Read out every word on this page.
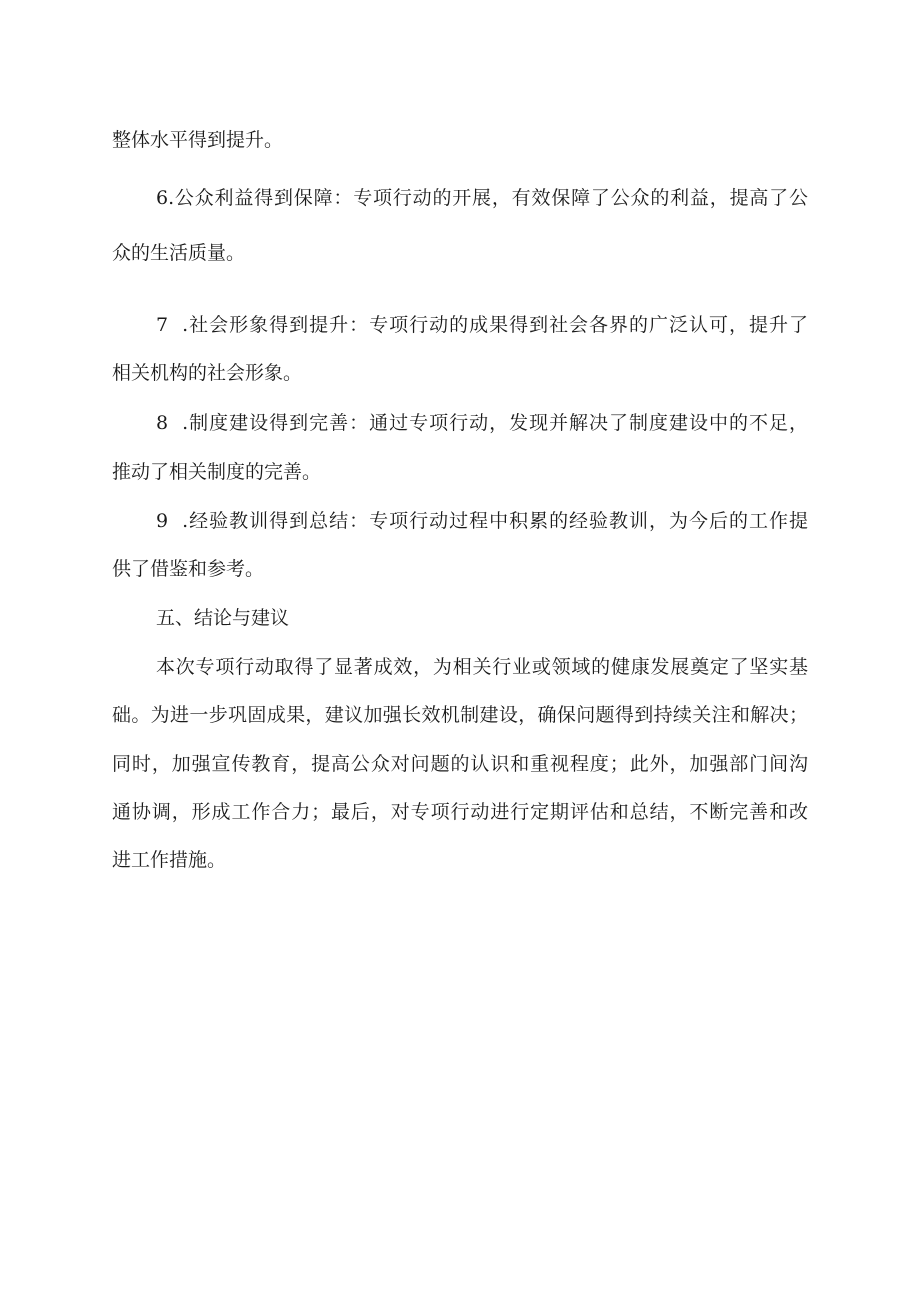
整体水平得到提升。
6.公众利益得到保障：专项行动的开展，有效保障了公众的利益，提高了公
众的生活质量。
7  .社会形象得到提升：专项行动的成果得到社会各界的广泛认可，提升了
相关机构的社会形象。
8  .制度建设得到完善：通过专项行动，发现并解决了制度建设中的不足，
推动了相关制度的完善。
9  .经验教训得到总结：专项行动过程中积累的经验教训，为今后的工作提
供了借鉴和参考。
五、结论与建议
本次专项行动取得了显著成效，为相关行业或领域的健康发展奠定了坚实基
础。为进一步巩固成果，建议加强长效机制建设，确保问题得到持续关注和解决；
同时，加强宣传教育，提高公众对问题的认识和重视程度；此外，加强部门间沟
通协调，形成工作合力；最后，对专项行动进行定期评估和总结，不断完善和改
进工作措施。
